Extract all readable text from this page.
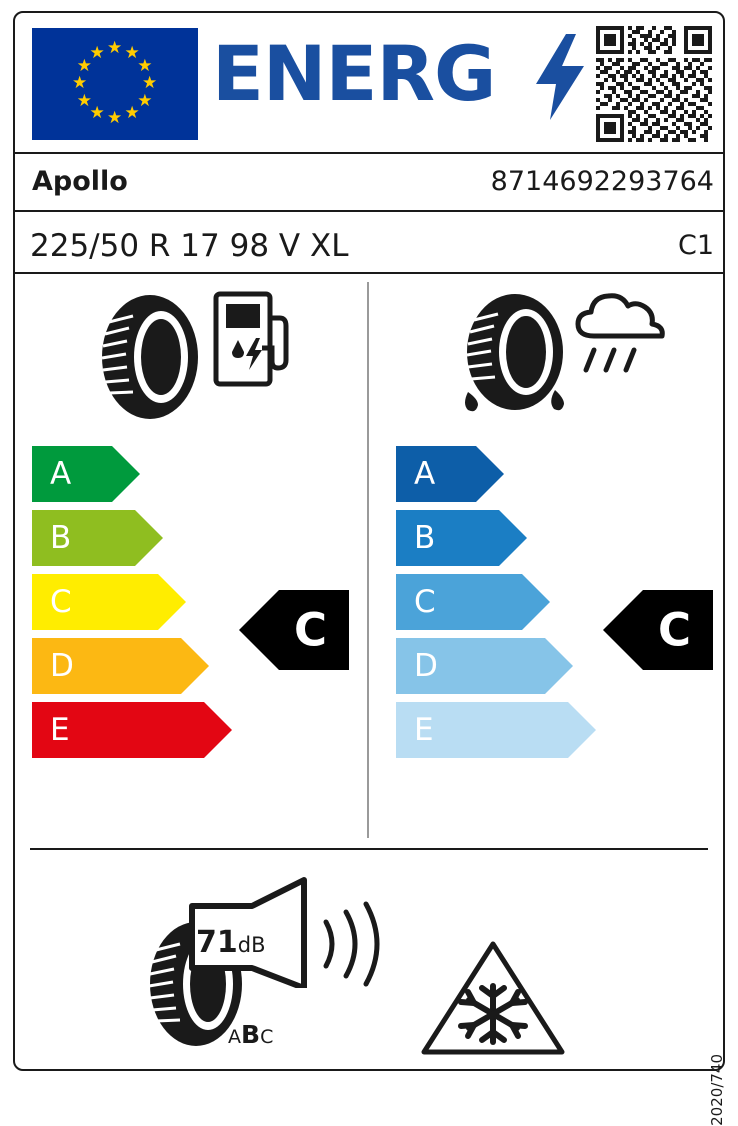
★ ★
★
★
★
★
★
★
★
★
★
★ ENERG
Apollo	8714692293764
225/50 R 17 98 V XL	C1
A
B
C
D
E
A
B
C
D
E
C	C
71dB
ABC
2020/740
